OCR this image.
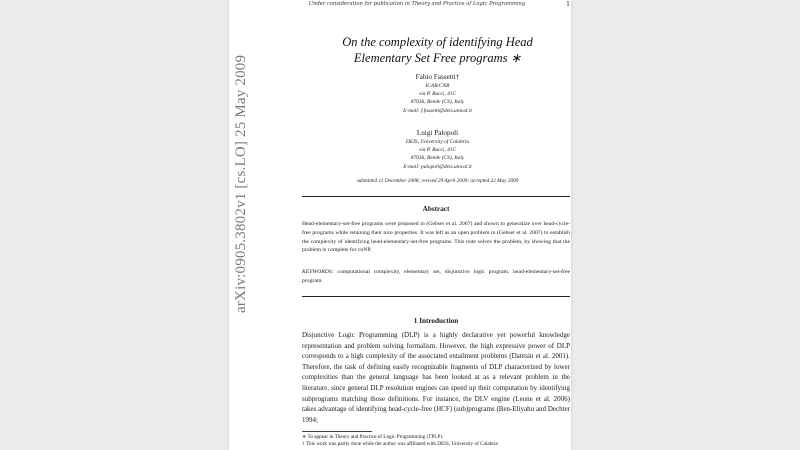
arXiv:0905.3802v1 [cs.LO] 25 May 2009
Under consideration for publication in Theory and Practice of Logic Programming	1
On the complexity of identifying Head
Elementary Set Free programs ∗
Fabio Fassetti†
ICAR/CNR
via P. Bucci, 41C
87036, Rende (CS), Italy
E-mail: f.fassetti@deis.unical.it
Luigi Palopoli
DEIS, University of Calabria
via P. Bucci, 41C
87036, Rende (CS), Italy
E-mail: palopoli@deis.unical.it
submitted 11 December 2008; revised 29 April 2009; accepted 22 May 2009
Abstract
Head-elementary-set-free programs were proposed in (Gebser et al. 2007) and shown to generalize over head-cycle-free programs while retaining their nice properties. It was left as an open problem in (Gebser et al. 2007) to establish the complexity of identifying head-elementary-set-free programs. This note solves the problem, by showing that the problem is complete for coNP.
KEYWORDS: computational complexity, elementary set, disjunctive logic program, head-elementary-set-free program.
1 Introduction
Disjunctive Logic Programming (DLP) is a highly declarative yet powerful knowledge representation and problem solving formalism. However, the high expressive power of DLP corresponds to a high complexity of the associated entailment problems (Dantsin et al. 2001). Therefore, the task of defining easily recognizable fragments of DLP characterized by lower complexities than the general language has been looked at as a relevant problem in the literature, since general DLP resolution engines can speed up their computation by identifying subprograms matching those definitions. For instance, the DLV engine (Leone et al. 2006) takes advantage of identifying head-cycle-free (HCF) (sub)programs (Ben-Eliyahu and Dechter 1994;
∗ To appear in Theory and Practice of Logic Programming (TPLP).
† This work was partly done while the author was affiliated with DEIS, University of Calabria
